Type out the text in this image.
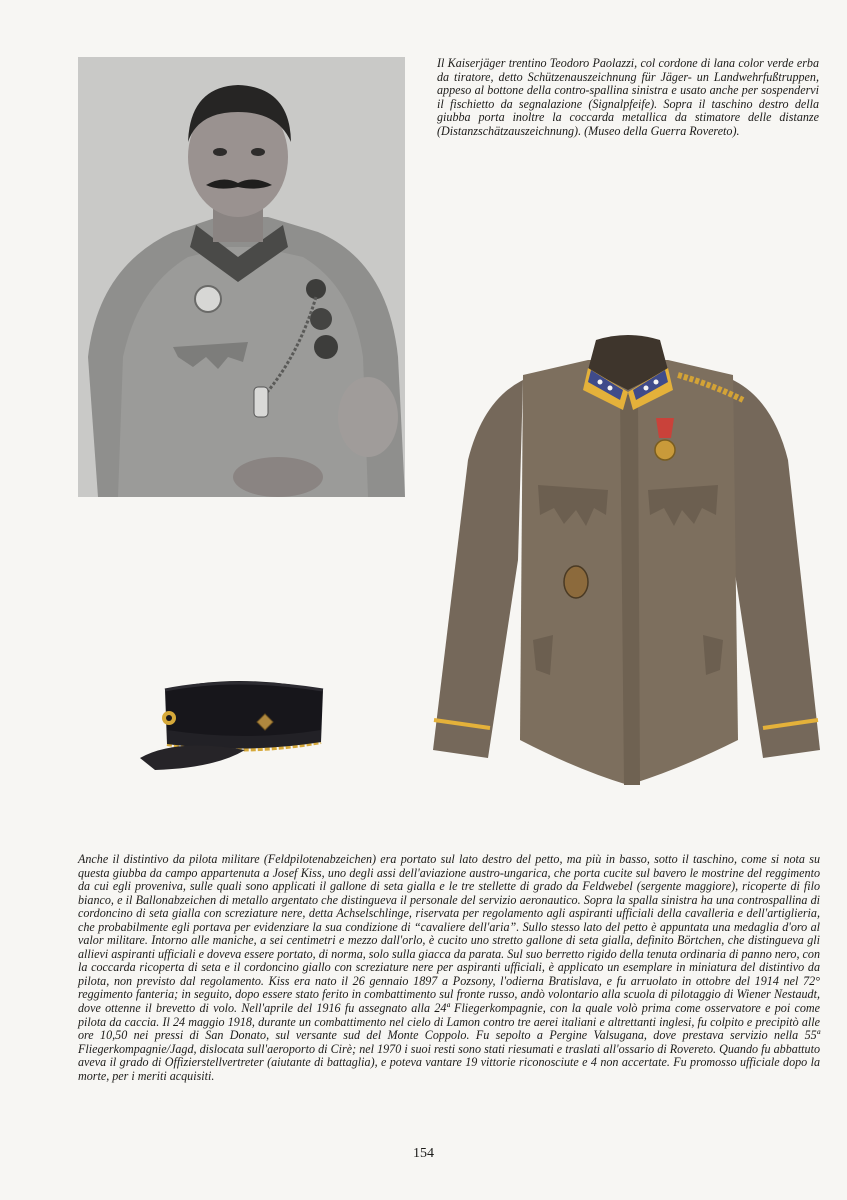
Il Kaiserjäger trentino Teodoro Paolazzi, col cordone di lana color verde erba da tiratore, detto Schützenauszeichnung für Jäger- un Landwehrfußtruppen, appeso al bottone della contro-spallina sinistra e usato anche per sospendervi il fischietto da segnalazione (Signalpfeife). Sopra il taschino destro della giubba porta inoltre la coccarda metallica da stimatore delle distanze (Distanzschätzauszeichnung). (Museo della Guerra Rovereto).
Anche il distintivo da pilota militare (Feldpilotenabzeichen) era portato sul lato destro del petto, ma più in basso, sotto il taschino, come si nota su questa giubba da campo appartenuta a Josef Kiss, uno degli assi dell'aviazione austro-ungarica, che porta cucite sul bavero le mostrine del reggimento da cui egli proveniva, sulle quali sono applicati il gallone di seta gialla e le tre stellette di grado da Feldwebel (sergente maggiore), ricoperte di filo bianco, e il Ballonabzeichen di metallo argentato che distingueva il personale del servizio aeronautico. Sopra la spalla sinistra ha una controspallina di cordoncino di seta gialla con screziature nere, detta Achselschlinge, riservata per regolamento agli aspiranti ufficiali della cavalleria e dell'artiglieria, che probabilmente egli portava per evidenziare la sua condizione di “cavaliere dell'aria”. Sullo stesso lato del petto è appuntata una medaglia d'oro al valor militare. Intorno alle maniche, a sei centimetri e mezzo dall'orlo, è cucito uno stretto gallone di seta gialla, definito Börtchen, che distingueva gli allievi aspiranti ufficiali e doveva essere portato, di norma, solo sulla giacca da parata. Sul suo berretto rigido della tenuta ordinaria di panno nero, con la coccarda ricoperta di seta e il cordoncino giallo con screziature nere per aspiranti ufficiali, è applicato un esemplare in miniatura del distintivo da pilota, non previsto dal regolamento. Kiss era nato il 26 gennaio 1897 a Pozsony, l'odierna Bratislava, e fu arruolato in ottobre del 1914 nel 72° reggimento fanteria; in seguito, dopo essere stato ferito in combattimento sul fronte russo, andò volontario alla scuola di pilotaggio di Wiener Nestaudt, dove ottenne il brevetto di volo. Nell'aprile del 1916 fu assegnato alla 24ª Fliegerkompagnie, con la quale volò prima come osservatore e poi come pilota da caccia. Il 24 maggio 1918, durante un combattimento nel cielo di Lamon contro tre aerei italiani e altrettanti inglesi, fu colpito e precipitò alle ore 10,50 nei pressi di San Donato, sul versante sud del Monte Coppolo. Fu sepolto a Pergine Valsugana, dove prestava servizio nella 55ª Fliegerkompagnie/Jagd, dislocata sull'aeroporto di Cirè; nel 1970 i suoi resti sono stati riesumati e traslati all'ossario di Rovereto. Quando fu abbattuto aveva il grado di Offizierstellvertreter (aiutante di battaglia), e poteva vantare 19 vittorie riconosciute e 4 non accertate. Fu promosso ufficiale dopo la morte, per i meriti acquisiti.
154
